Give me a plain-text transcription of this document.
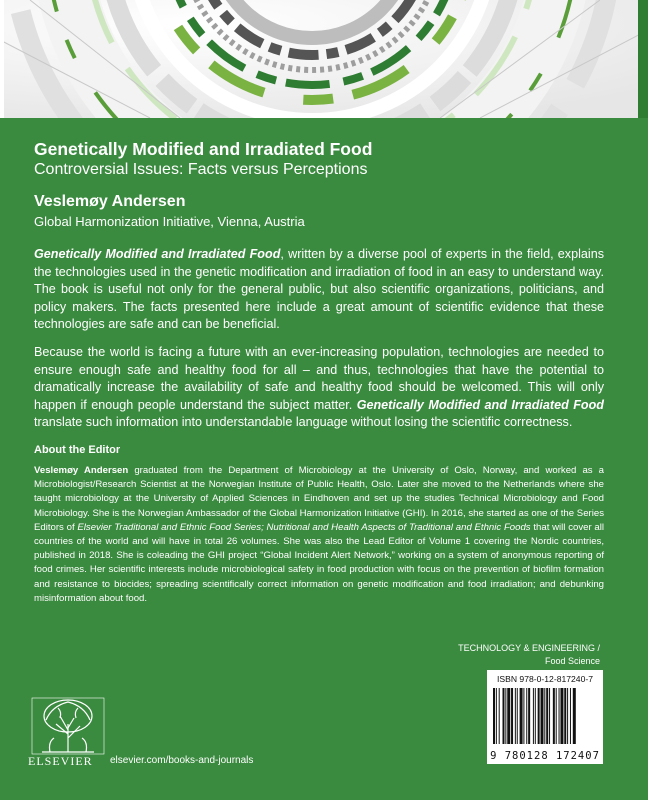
Genetically Modified and Irradiated Food
Controversial Issues: Facts versus Perceptions
Veslemøy Andersen
Global Harmonization Initiative, Vienna, Austria
Genetically Modified and Irradiated Food, written by a diverse pool of experts in the field, explains the technologies used in the genetic modification and irradiation of food in an easy to understand way. The book is useful not only for the general public, but also scientific organizations, politicians, and policy makers. The facts presented here include a great amount of scientific evidence that these technologies are safe and can be beneficial.
Because the world is facing a future with an ever-increasing population, technologies are needed to ensure enough safe and healthy food for all – and thus, technologies that have the potential to dramatically increase the availability of safe and healthy food should be welcomed. This will only happen if enough people understand the subject matter. Genetically Modified and Irradiated Food translate such information into understandable language without losing the scientific correctness.
About the Editor
Veslemøy Andersen graduated from the Department of Microbiology at the University of Oslo, Norway, and worked as a Microbiologist/Research Scientist at the Norwegian Institute of Public Health, Oslo. Later she moved to the Netherlands where she taught microbiology at the University of Applied Sciences in Eindhoven and set up the studies Technical Microbiology and Food Microbiology. She is the Norwegian Ambassador of the Global Harmonization Initiative (GHI). In 2016, she started as one of the Series Editors of Elsevier Traditional and Ethnic Food Series; Nutritional and Health Aspects of Traditional and Ethnic Foods that will cover all countries of the world and will have in total 26 volumes. She was also the Lead Editor of Volume 1 covering the Nordic countries, published in 2018. She is coleading the GHI project “Global Incident Alert Network,” working on a system of anonymous reporting of food crimes. Her scientific interests include microbiological safety in food production with focus on the prevention of biofilm formation and resistance to biocides; spreading scientifically correct information on genetic modification and food irradiation; and debunking misinformation about food.
TECHNOLOGY & ENGINEERING /
Food Science
ISBN 978-0-12-817240-7
9 780128 172407
ELSEVIER elsevier.com/books-and-journals
